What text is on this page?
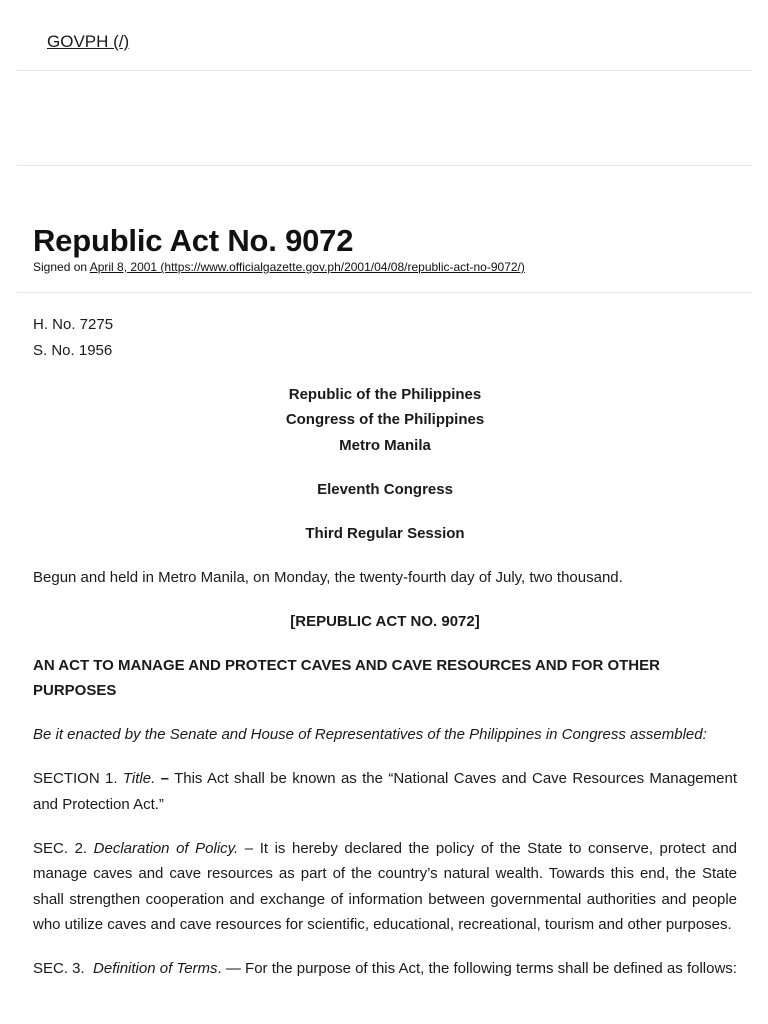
GOVPH (/)
Republic Act No. 9072
Signed on April 8, 2001 (https://www.officialgazette.gov.ph/2001/04/08/republic-act-no-9072/)

H. No. 7275

S. No. 1956

Republic of the Philippines

Congress of the Philippines

Metro Manila

Eleventh Congress

Third Regular Session

Begun and held in Metro Manila, on Monday, the twenty-fourth day of July, two thousand.

[REPUBLIC ACT NO. 9072]

AN ACT TO MANAGE AND PROTECT CAVES AND CAVE RESOURCES AND FOR OTHER PURPOSES

Be it enacted by the Senate and House of Representatives of the Philippines in Congress assembled:

SECTION 1. Title. – This Act shall be known as the “National Caves and Cave Resources Management and Protection Act.”

SEC. 2. Declaration of Policy. – It is hereby declared the policy of the State to conserve, protect and manage caves and cave resources as part of the country’s natural wealth. Towards this end, the State shall strengthen cooperation and exchange of information between governmental authorities and people who utilize caves and cave resources for scientific, educational, recreational, tourism and other purposes.

SEC. 3. Definition of Terms. — For the purpose of this Act, the following terms shall be defined as follows:
